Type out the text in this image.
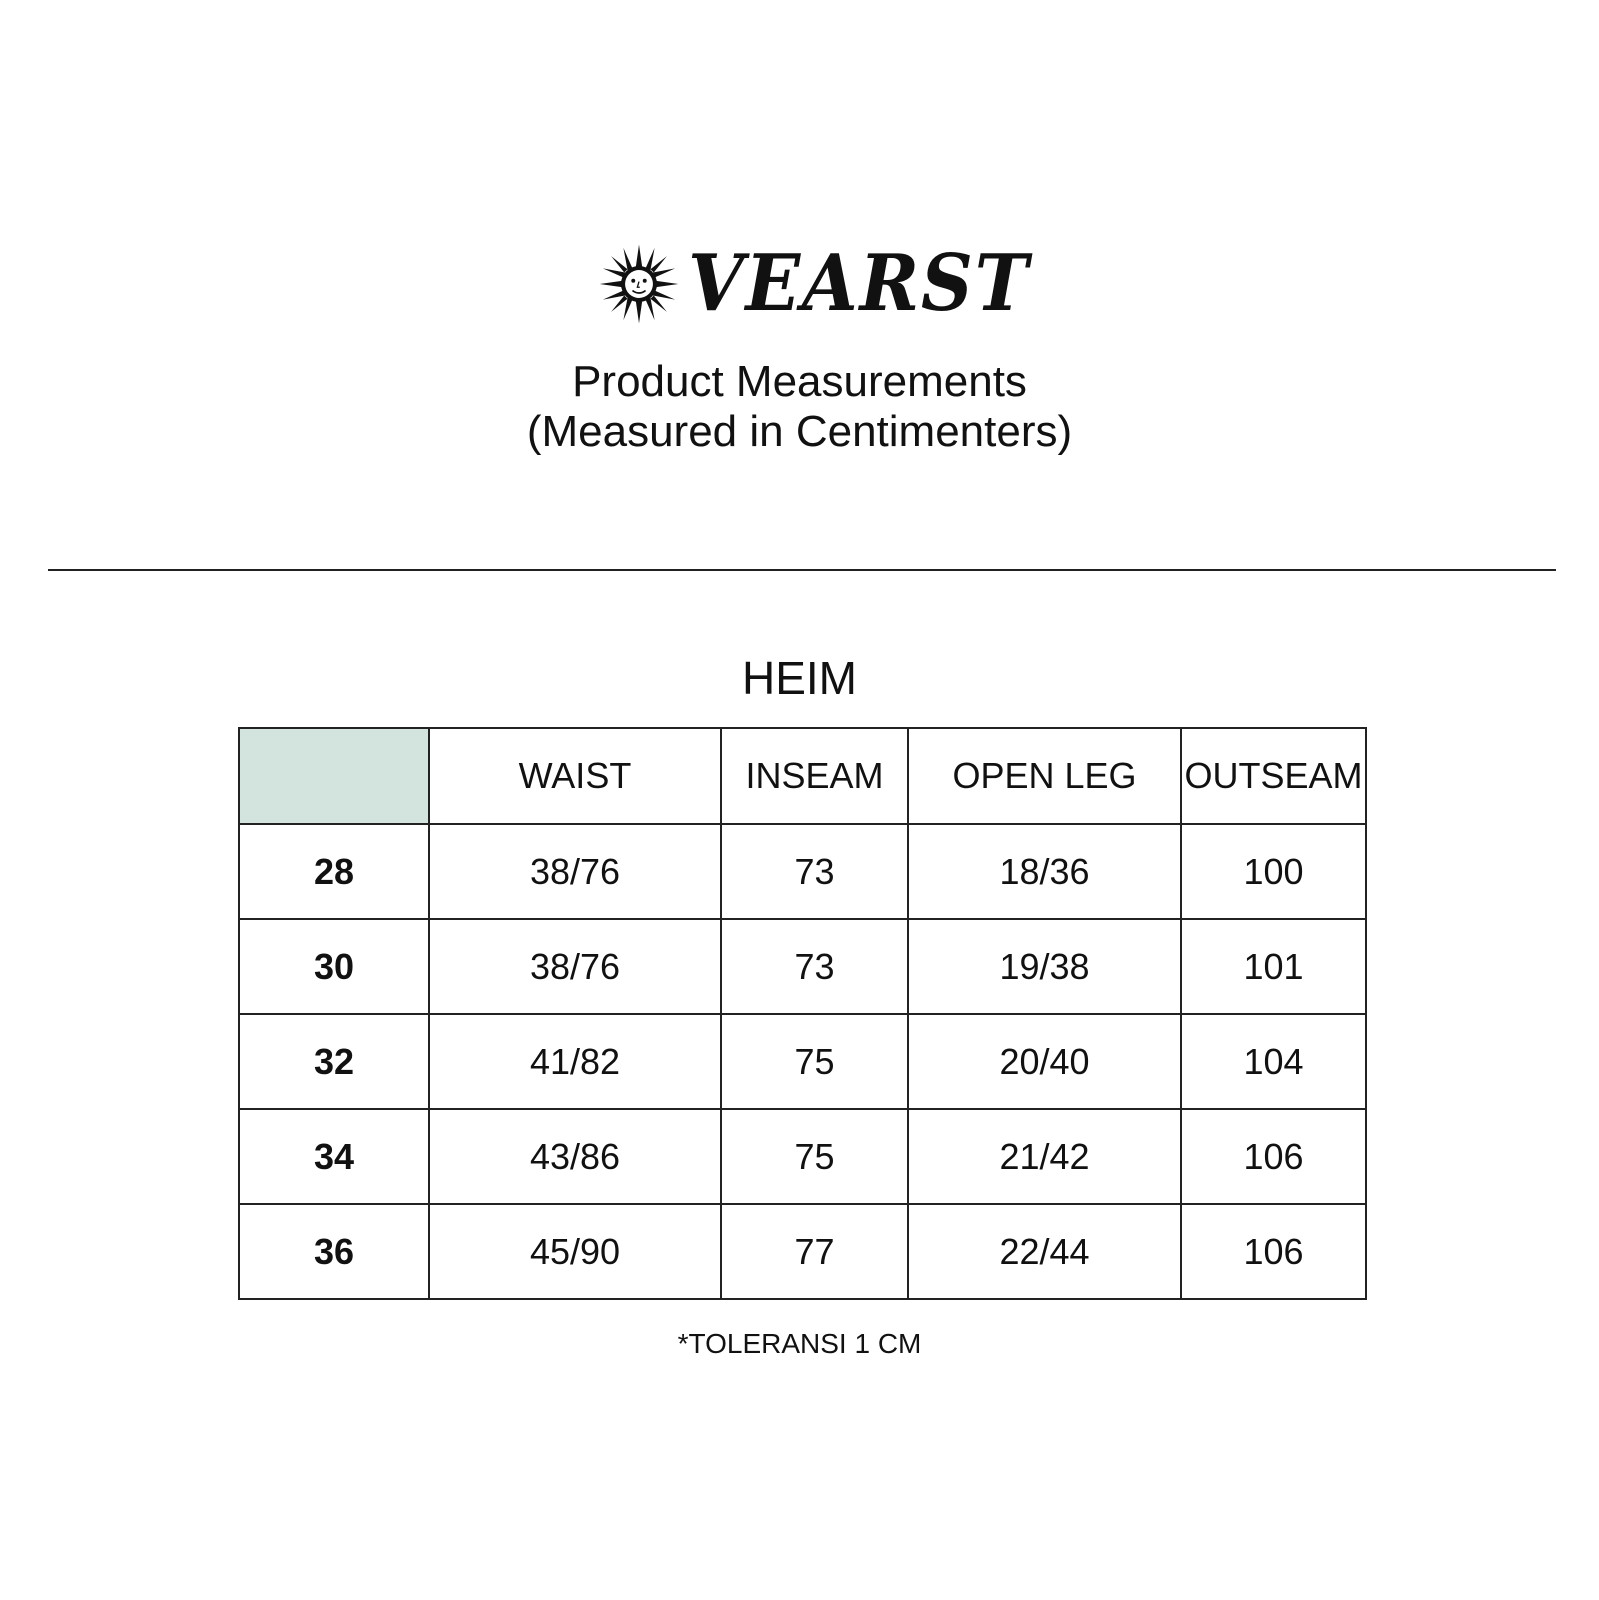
VEARST
Product Measurements
(Measured in Centimenters)
HEIM
	WAIST	INSEAM	OPEN LEG	OUTSEAM
28	38/76	73	18/36	100
30	38/76	73	19/38	101
32	41/82	75	20/40	104
34	43/86	75	21/42	106
36	45/90	77	22/44	106
*TOLERANSI 1 CM
